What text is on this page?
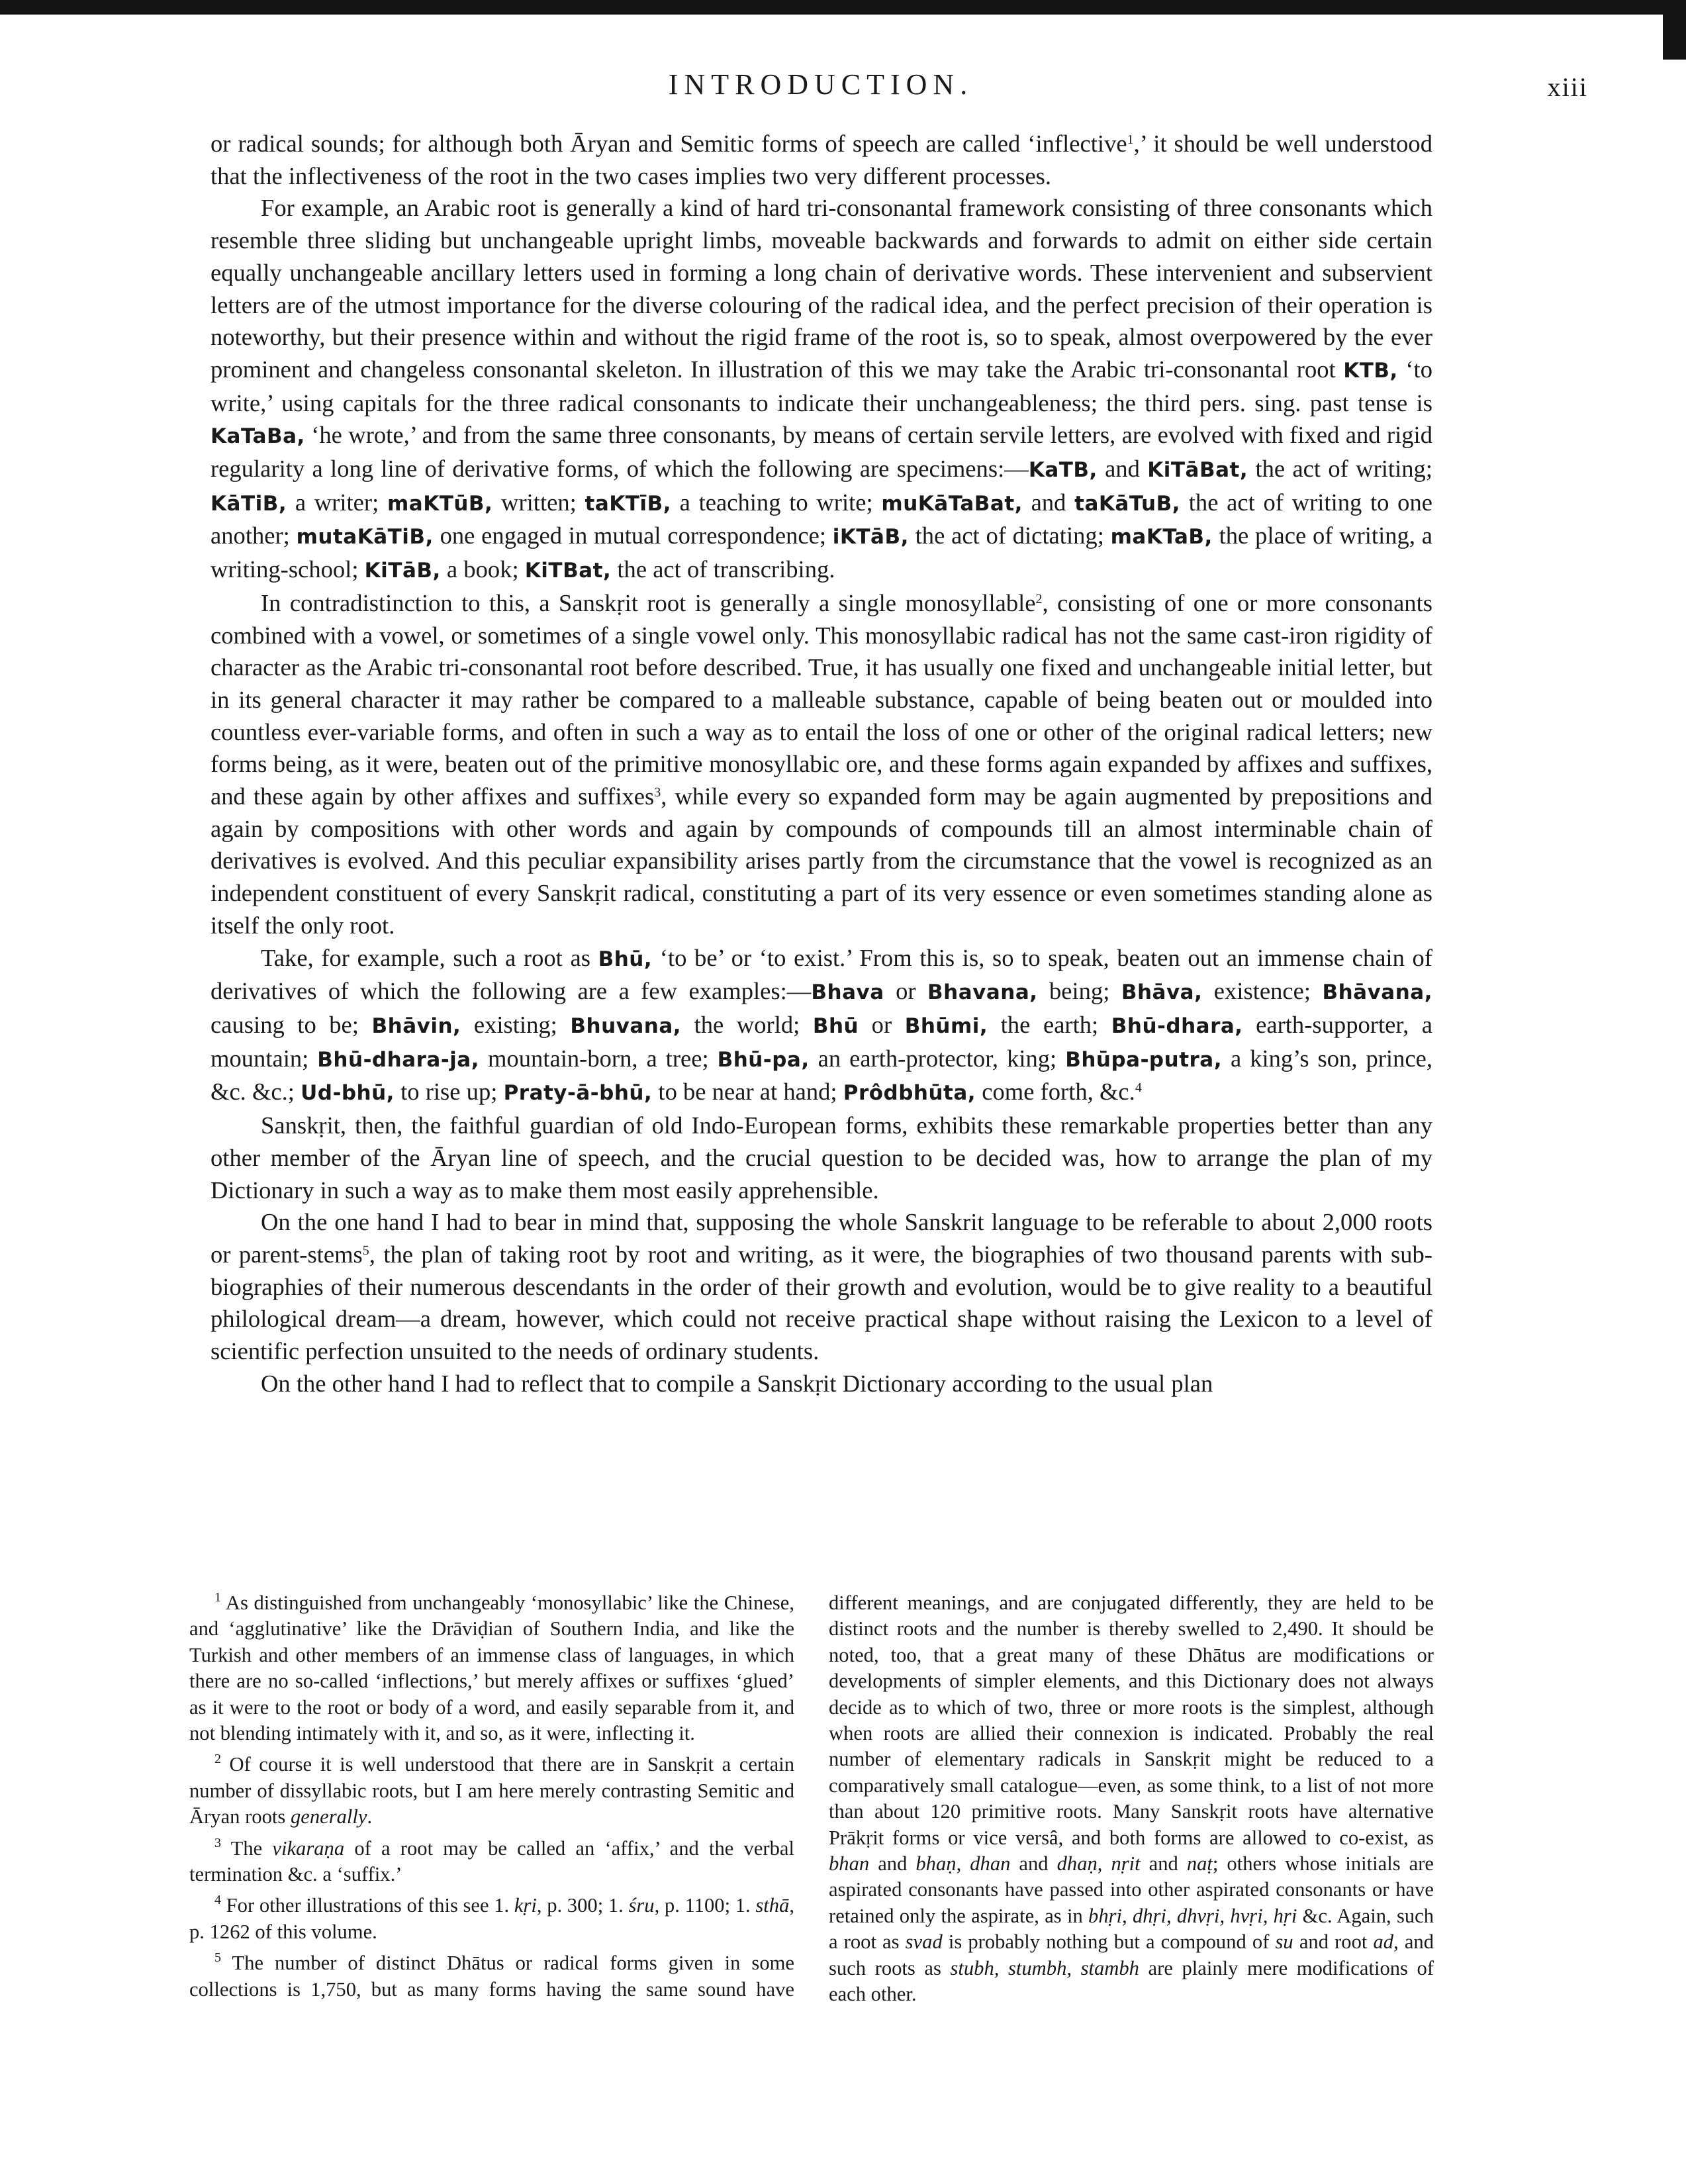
INTRODUCTION.	xiii

or radical sounds; for although both Āryan and Semitic forms of speech are called ‘inflective$^1$,’ it should be well understood that the inflectiveness of the root in the two cases implies two very different processes.

For example, an Arabic root is generally a kind of hard tri-consonantal framework consisting of three consonants which resemble three sliding but unchangeable upright limbs, moveable backwards and forwards to admit on either side certain equally unchangeable ancillary letters used in forming a long chain of derivative words. These intervenient and subservient letters are of the utmost importance for the diverse colouring of the radical idea, and the perfect precision of their operation is noteworthy, but their presence within and without the rigid frame of the root is, so to speak, almost overpowered by the ever prominent and changeless consonantal skeleton. In illustration of this we may take the Arabic tri-consonantal root KTB, ‘to write,’ using capitals for the three radical consonants to indicate their unchangeableness; the third pers. sing. past tense is KaTaBa, ‘he wrote,’ and from the same three consonants, by means of certain servile letters, are evolved with fixed and rigid regularity a long line of derivative forms, of which the following are specimens:—KaTB, and KiTāBat, the act of writing; KāTiB, a writer; maKTūB, written; taKTīB, a teaching to write; muKāTaBat, and taKāTuB, the act of writing to one another; mutaKāTiB, one engaged in mutual correspondence; iKTāB, the act of dictating; maKTaB, the place of writing, a writing-school; KiTāB, a book; KiTBat, the act of transcribing.

In contradistinction to this, a Sanskṛit root is generally a single monosyllable$^2$, consisting of one or more consonants combined with a vowel, or sometimes of a single vowel only. This monosyllabic radical has not the same cast-iron rigidity of character as the Arabic tri-consonantal root before described. True, it has usually one fixed and unchangeable initial letter, but in its general character it may rather be compared to a malleable substance, capable of being beaten out or moulded into countless ever-variable forms, and often in such a way as to entail the loss of one or other of the original radical letters; new forms being, as it were, beaten out of the primitive monosyllabic ore, and these forms again expanded by affixes and suffixes, and these again by other affixes and suffixes$^3$, while every so expanded form may be again augmented by prepositions and again by compositions with other words and again by compounds of compounds till an almost interminable chain of derivatives is evolved. And this peculiar expansibility arises partly from the circumstance that the vowel is recognized as an independent constituent of every Sanskṛit radical, constituting a part of its very essence or even sometimes standing alone as itself the only root.

Take, for example, such a root as Bhū, ‘to be’ or ‘to exist.’ From this is, so to speak, beaten out an immense chain of derivatives of which the following are a few examples:—Bhava or Bhavana, being; Bhāva, existence; Bhāvana, causing to be; Bhāvin, existing; Bhuvana, the world; Bhū or Bhūmi, the earth; Bhū-dhara, earth-supporter, a mountain; Bhū-dhara-ja, mountain-born, a tree; Bhū-pa, an earth-protector, king; Bhūpa-putra, a king’s son, prince, &c. &c.; Ud-bhū, to rise up; Praty-ā-bhū, to be near at hand; Prôdbhūta, come forth, &c.$^4$

Sanskṛit, then, the faithful guardian of old Indo-European forms, exhibits these remarkable properties better than any other member of the Āryan line of speech, and the crucial question to be decided was, how to arrange the plan of my Dictionary in such a way as to make them most easily apprehensible.

On the one hand I had to bear in mind that, supposing the whole Sanskrit language to be referable to about 2,000 roots or parent-stems$^5$, the plan of taking root by root and writing, as it were, the biographies of two thousand parents with sub-biographies of their numerous descendants in the order of their growth and evolution, would be to give reality to a beautiful philological dream—a dream, however, which could not receive practical shape without raising the Lexicon to a level of scientific perfection unsuited to the needs of ordinary students.

On the other hand I had to reflect that to compile a Sanskṛit Dictionary according to the usual plan

$^1$ As distinguished from unchangeably ‘monosyllabic’ like the Chinese, and ‘agglutinative’ like the Drāviḍian of Southern India, and like the Turkish and other members of an immense class of languages, in which there are no so-called ‘inflections,’ but merely affixes or suffixes ‘glued’ as it were to the root or body of a word, and easily separable from it, and not blending intimately with it, and so, as it were, inflecting it.

$^2$ Of course it is well understood that there are in Sanskṛit a certain number of dissyllabic roots, but I am here merely contrasting Semitic and Āryan roots generally.

$^3$ The vikaraṇa of a root may be called an ‘affix,’ and the verbal termination &c. a ‘suffix.’

$^4$ For other illustrations of this see 1. kṛi, p. 300; 1. śru, p. 1100; 1. sthā, p. 1262 of this volume.

$^5$ The number of distinct Dhātus or radical forms given in some collections is 1,750, but as many forms having the same sound have different meanings, and are conjugated differently, they are held to be distinct roots and the number is thereby swelled to 2,490. It should be noted, too, that a great many of these Dhātus are modifications or developments of simpler elements, and this Dictionary does not always decide as to which of two, three or more roots is the simplest, although when roots are allied their connexion is indicated. Probably the real number of elementary radicals in Sanskṛit might be reduced to a comparatively small catalogue—even, as some think, to a list of not more than about 120 primitive roots. Many Sanskṛit roots have alternative Prākṛit forms or vice versâ, and both forms are allowed to co-exist, as bhan and bhaṇ, dhan and dhaṇ, nṛit and naṭ; others whose initials are aspirated consonants have passed into other aspirated consonants or have retained only the aspirate, as in bhṛi, dhṛi, dhvṛi, hvṛi, hṛi &c. Again, such a root as svad is probably nothing but a compound of su and root ad, and such roots as stubh, stumbh, stambh are plainly mere modifications of each other.
